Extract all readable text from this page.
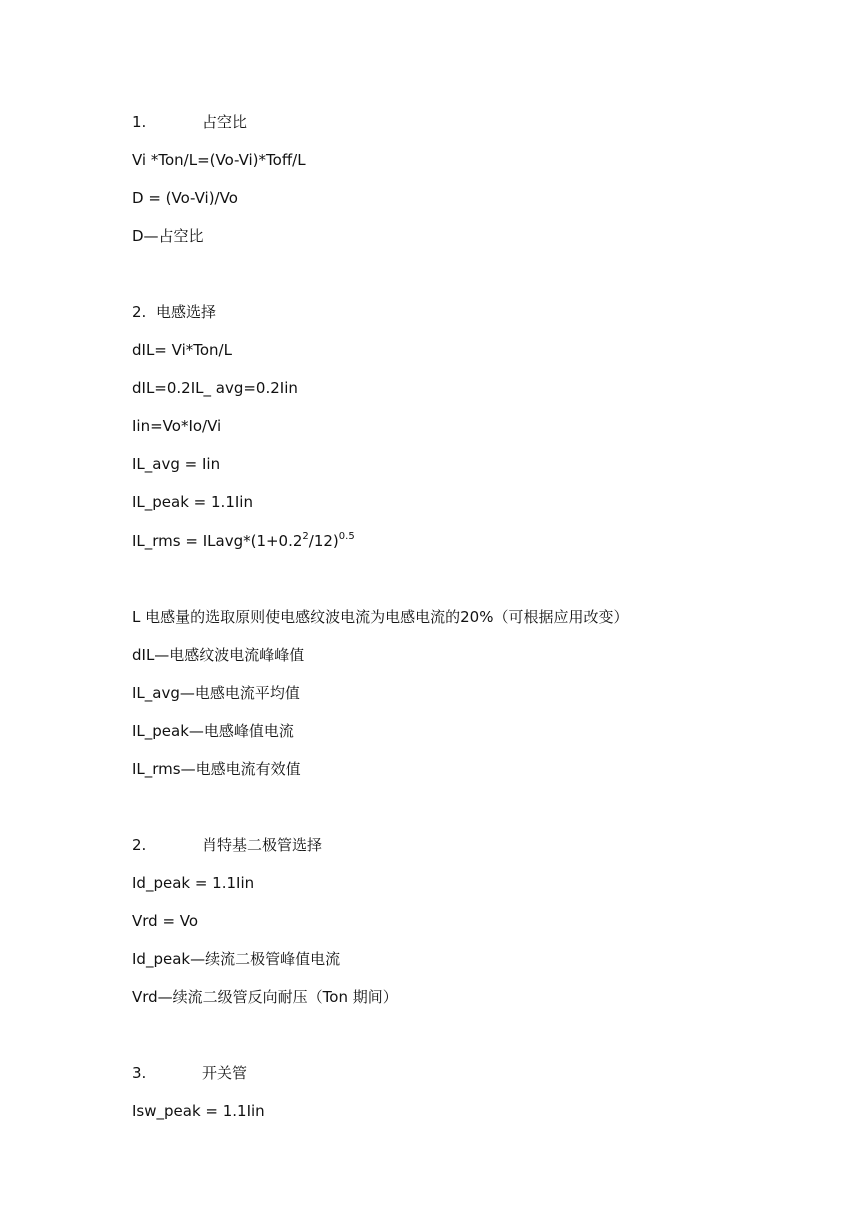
1.	占空比
Vi *Ton/L=(Vo-Vi)*Toff/L
D = (Vo-Vi)/Vo
D—占空比
2. 电感选择
dIL= Vi*Ton/L
dIL=0.2IL_ avg=0.2Iin
Iin=Vo*Io/Vi
IL_avg = Iin
IL_peak = 1.1Iin
IL_rms = $ILavg*(1+0.2^2/12)^{0.5}$
L 电感量的选取原则使电感纹波电流为电感电流的20%（可根据应用改变）
dIL—电感纹波电流峰峰值
IL_avg—电感电流平均值
IL_peak—电感峰值电流
IL_rms—电感电流有效值
2.	肖特基二极管选择
Id_peak = 1.1Iin
Vrd = Vo
Id_peak—续流二极管峰值电流
Vrd—续流二级管反向耐压（Ton 期间）
3.	开关管
Isw_peak = 1.1Iin
